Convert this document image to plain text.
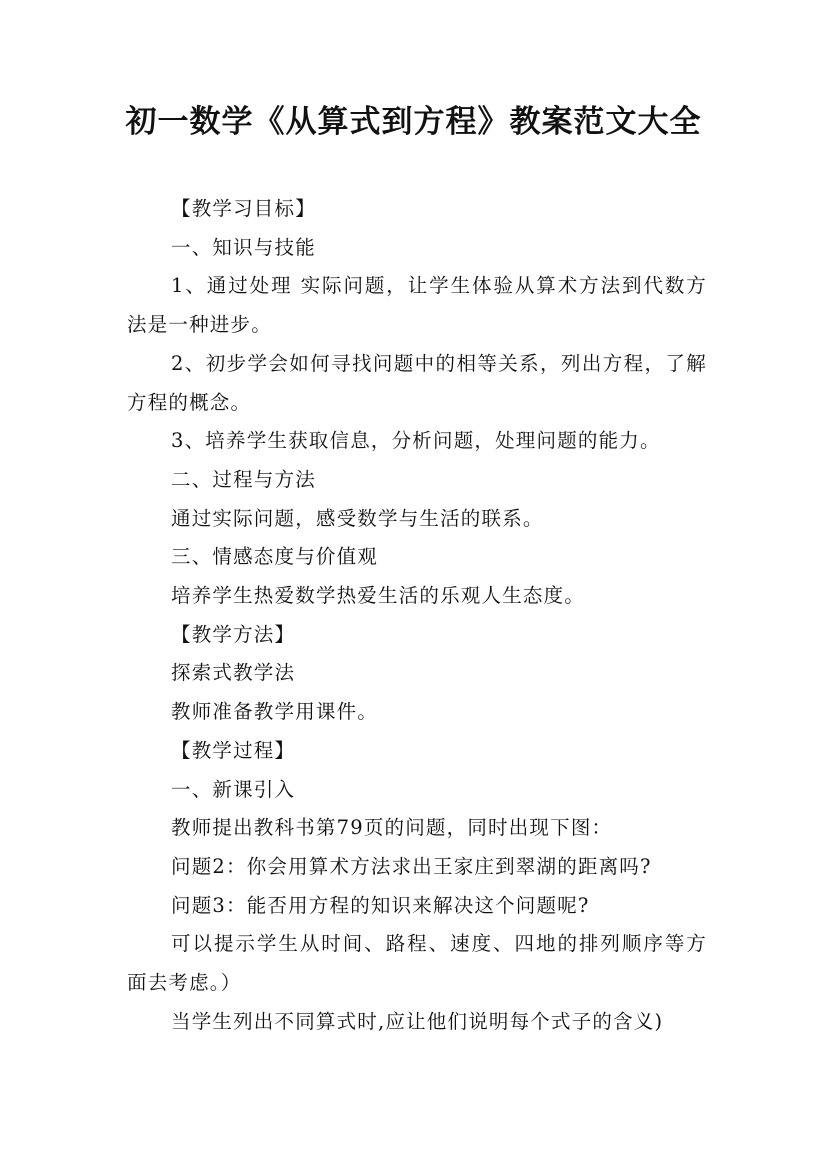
初一数学《从算式到方程》教案范文大全

【教学习目标】

一、知识与技能

1、通过处理 实际问题，让学生体验从算术方法到代数方法是一种进步。

2、初步学会如何寻找问题中的相等关系，列出方程，了解方程的概念。

3、培养学生获取信息，分析问题，处理问题的能力。

二、过程与方法

通过实际问题，感受数学与生活的联系。

三、情感态度与价值观

培养学生热爱数学热爱生活的乐观人生态度。

【教学方法】

探索式教学法

教师准备教学用课件。

【教学过程】

一、新课引入

教师提出教科书第79页的问题，同时出现下图：

问题2：你会用算术方法求出王家庄到翠湖的距离吗?

问题3：能否用方程的知识来解决这个问题呢?

可以提示学生从时间、路程、速度、四地的排列顺序等方面去考虑。）

当学生列出不同算式时,应让他们说明每个式子的含义)
